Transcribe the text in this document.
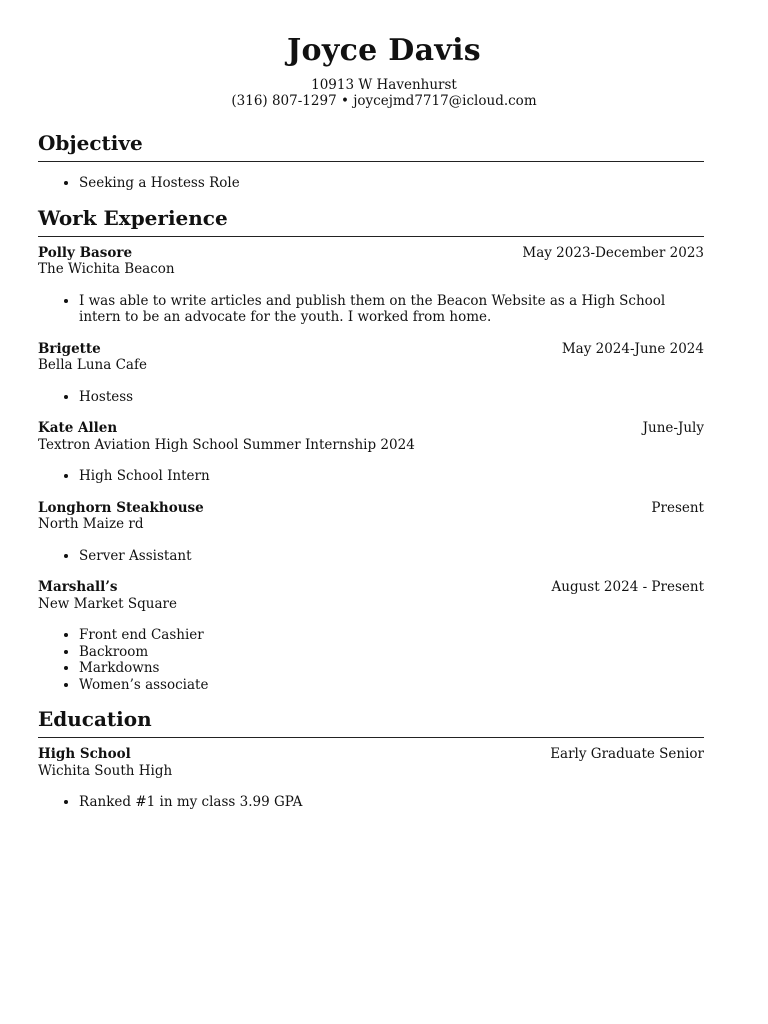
Joyce Davis
10913 W Havenhurst
(316) 807-1297 • joycejmd7717@icloud.com
Objective
• Seeking a Hostess Role
Work Experience
Polly Basore	May 2023-December 2023
The Wichita Beacon
• I was able to write articles and publish them on the Beacon Website as a High School intern to be an advocate for the youth. I worked from home.
Brigette	May 2024-June 2024
Bella Luna Cafe
• Hostess
Kate Allen	June-July
Textron Aviation High School Summer Internship 2024
• High School Intern
Longhorn Steakhouse	Present
North Maize rd
• Server Assistant
Marshall’s	August 2024 - Present
New Market Square
• Front end Cashier
• Backroom
• Markdowns
• Women’s associate
Education
High School	Early Graduate Senior
Wichita South High
• Ranked #1 in my class 3.99 GPA
